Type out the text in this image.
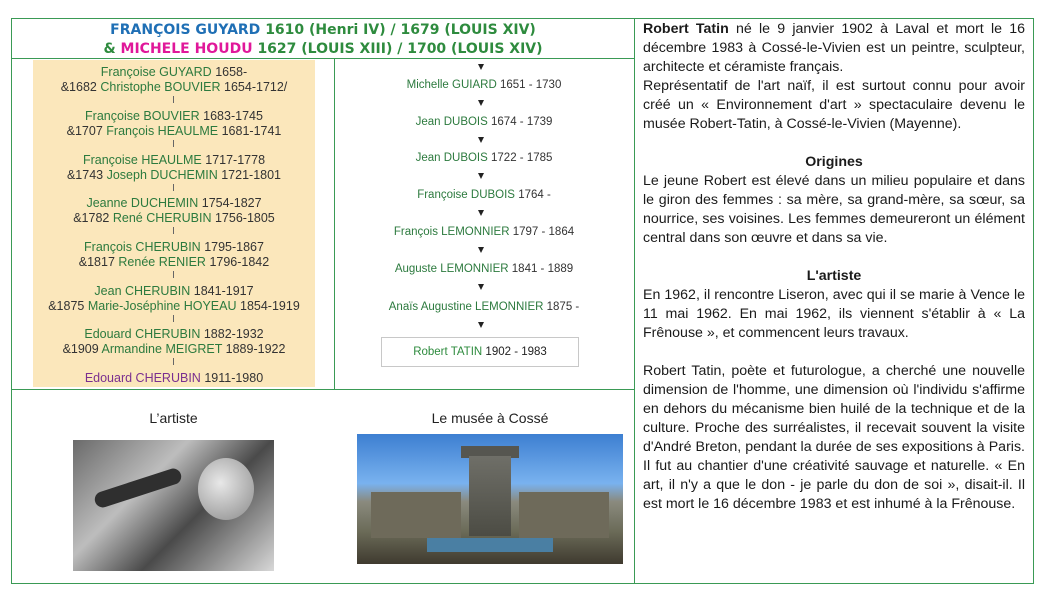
FRANÇOIS GUYARD 1610 (Henri IV) / 1679 (LOUIS XIV)
& MICHELE HOUDU 1627 (LOUIS XIII) / 1700 (LOUIS XIV)
Françoise GUYARD 1658-
&1682 Christophe BOUVIER 1654-1712/
Françoise BOUVIER 1683-1745
&1707 François HEAULME 1681-1741
Françoise HEAULME 1717-1778
&1743 Joseph DUCHEMIN 1721-1801
Jeanne DUCHEMIN 1754-1827
&1782 René CHERUBIN 1756-1805
François CHERUBIN 1795-1867
&1817 Renée RENIER 1796-1842
Jean CHERUBIN 1841-1917
&1875 Marie-Joséphine HOYEAU 1854-1919
Edouard CHERUBIN 1882-1932
&1909 Armandine MEIGRET 1889-1922
Edouard CHERUBIN 1911-1980
Michelle GUIARD 1651 - 1730
Jean DUBOIS 1674 - 1739
Jean DUBOIS 1722 - 1785
Françoise DUBOIS 1764 -
François LEMONNIER 1797 - 1864
Auguste LEMONNIER 1841 - 1889
Anaïs Augustine LEMONNIER 1875 -
Robert TATIN 1902 - 1983
L’artiste	Le musée à Cossé

Robert Tatin né le 9 janvier 1902 à Laval et mort le 16 décembre 1983 à Cossé-le-Vivien est un peintre, sculpteur, architecte et céramiste français.

Représentatif de l'art naïf, il est surtout connu pour avoir créé un « Environnement d'art » spectaculaire devenu le musée Robert-Tatin, à Cossé-le-Vivien (Mayenne).

Origines

Le jeune Robert est élevé dans un milieu populaire et dans le giron des femmes : sa mère, sa grand-mère, sa sœur, sa nourrice, ses voisines. Les femmes demeureront un élément central dans son œuvre et dans sa vie.

L'artiste

En 1962, il rencontre Liseron, avec qui il se marie à Vence le 11 mai 1962. En mai 1962, ils viennent s'établir à « La Frênouse », et commencent leurs travaux.

Robert Tatin, poète et futurologue, a cherché une nouvelle dimension de l'homme, une dimension où l'individu s'affirme en dehors du mécanisme bien huilé de la technique et de la culture. Proche des surréalistes, il recevait souvent la visite d'André Breton, pendant la durée de ses expositions à Paris. Il fut au chantier d'une créativité sauvage et naturelle. « En art, il n'y a que le don - je parle du don de soi », disait-il. Il est mort le 16 décembre 1983 et est inhumé à la Frênouse.
